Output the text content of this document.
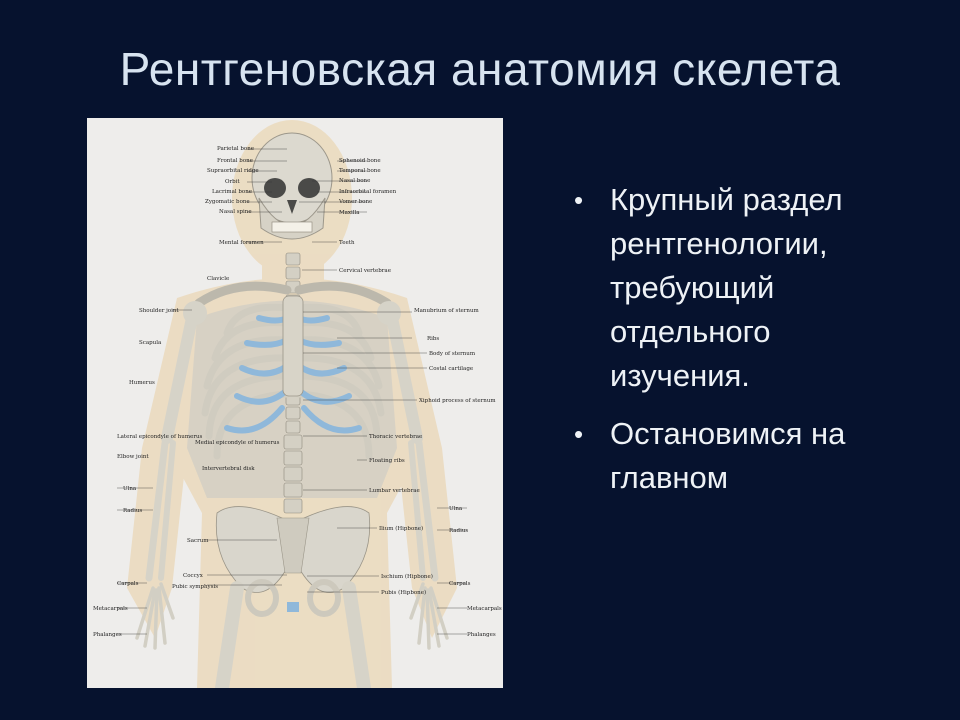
Рентгеновская анатомия скелета
Parietal bone
Frontal bone
Supraorbital ridge
Orbit
Lacrimal bone
Zygomatic bone
Nasal spine
Mental foramen
Clavicle
Shoulder joint
Scapula
Humerus
Lateral epicondyle of humerus
Elbow joint
Ulna
Radius
Carpals
Metacarpals
Phalanges
Medial epicondyle of humerus
Intervertebral disk
Sacrum
Coccyx
Pubic symphysis
Sphenoid bone
Temporal bone
Nasal bone
Infraorbital foramen
Vomer bone
Maxilla
Teeth
Cervical vertebrae
Manubrium of sternum
Ribs
Body of sternum
Costal cartilage
Xiphoid process of sternum
Thoracic vertebrae
Floating ribs
Lumbar vertebrae
Ilium (Hipbone)
Ischium (Hipbone)
Pubis (Hipbone)
Ulna
Radius
Carpals
Metacarpals
Phalanges
• Крупный раздел рентгенологии, требующий отдельного изучения.
• Остановимся на главном
